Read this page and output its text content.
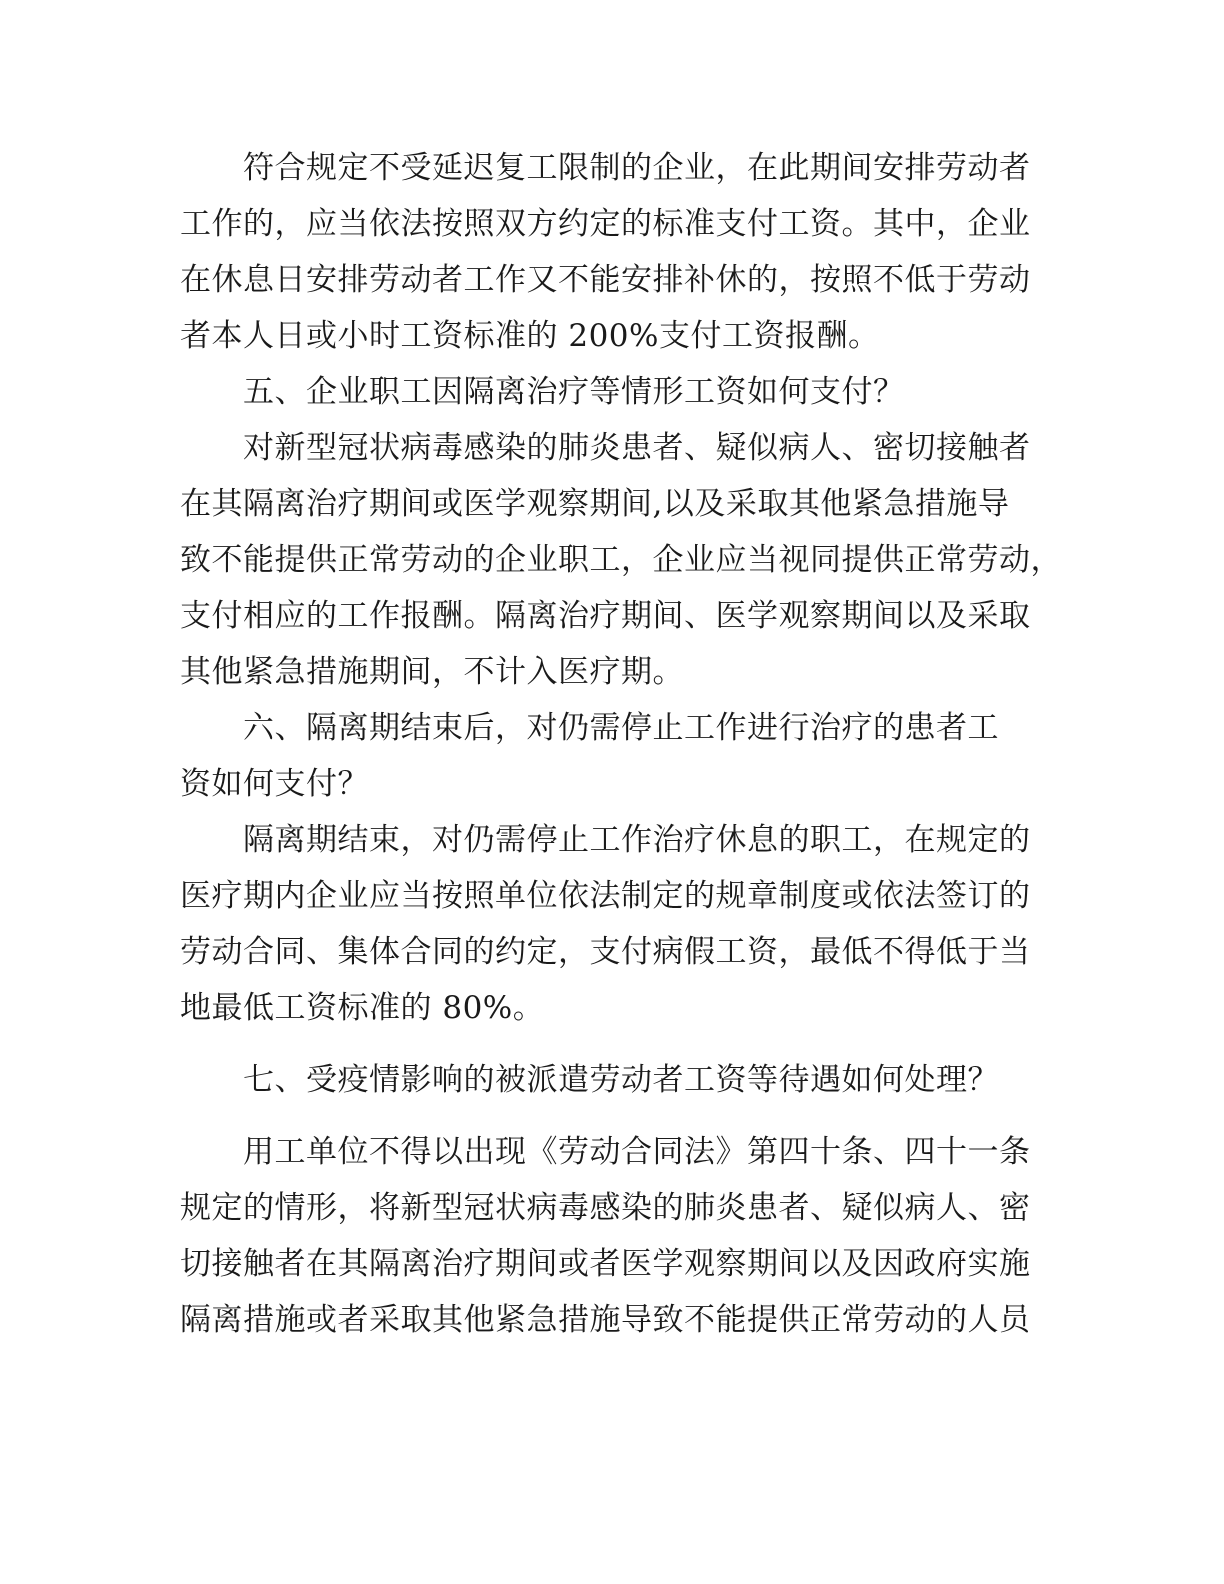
符合规定不受延迟复工限制的企业，在此期间安排劳动者
工作的，应当依法按照双方约定的标准支付工资。其中，企业
在休息日安排劳动者工作又不能安排补休的，按照不低于劳动
者本人日或小时工资标准的 200%支付工资报酬。
五、企业职工因隔离治疗等情形工资如何支付？
对新型冠状病毒感染的肺炎患者、疑似病人、密切接触者
在其隔离治疗期间或医学观察期间,以及采取其他紧急措施导
致不能提供正常劳动的企业职工，企业应当视同提供正常劳动，
支付相应的工作报酬。隔离治疗期间、医学观察期间以及采取
其他紧急措施期间，不计入医疗期。
六、隔离期结束后，对仍需停止工作进行治疗的患者工
资如何支付？
隔离期结束，对仍需停止工作治疗休息的职工，在规定的
医疗期内企业应当按照单位依法制定的规章制度或依法签订的
劳动合同、集体合同的约定，支付病假工资，最低不得低于当
地最低工资标准的 80%。
七、受疫情影响的被派遣劳动者工资等待遇如何处理？
用工单位不得以出现《劳动合同法》第四十条、四十一条
规定的情形，将新型冠状病毒感染的肺炎患者、疑似病人、密
切接触者在其隔离治疗期间或者医学观察期间以及因政府实施
隔离措施或者采取其他紧急措施导致不能提供正常劳动的人员
